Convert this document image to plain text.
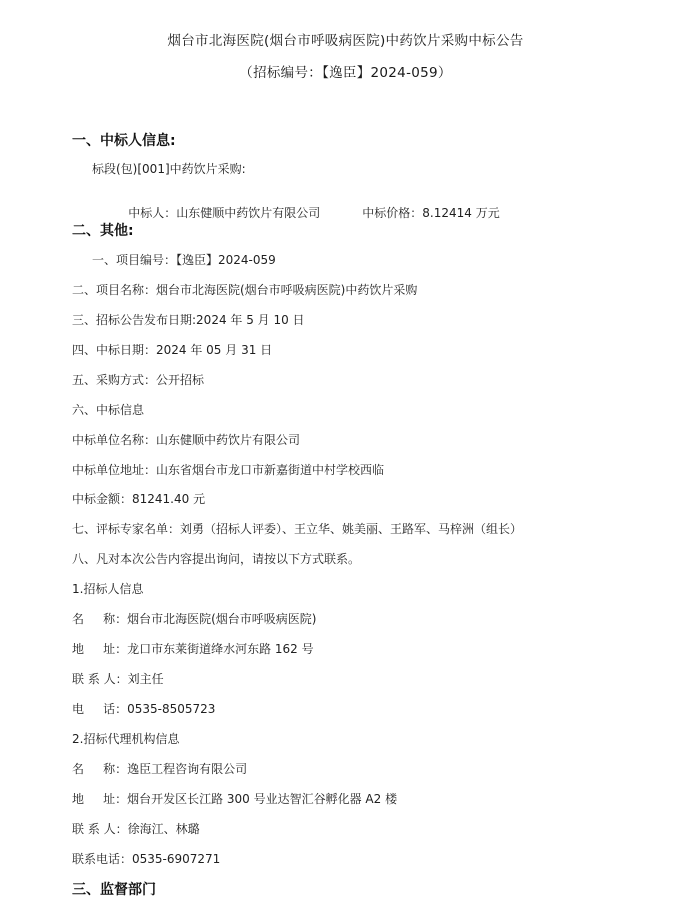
烟台市北海医院(烟台市呼吸病医院)中药饮片采购中标公告
（招标编号：【逸臣】2024-059）
一、中标人信息:
标段(包)[001]中药饮片采购:

中标人：山东健顺中药饮片有限公司	中标价格：8.12414 万元

二、其他:
一、项目编号：【逸臣】2024-059
二、项目名称：烟台市北海医院(烟台市呼吸病医院)中药饮片采购
三、招标公告发布日期:2024 年 5 月 10 日
四、中标日期：2024 年 05 月 31 日
五、采购方式：公开招标
六、中标信息
中标单位名称：山东健顺中药饮片有限公司
中标单位地址：山东省烟台市龙口市新嘉街道中村学校西临
中标金额：81241.40 元
七、评标专家名单：刘勇（招标人评委）、王立华、姚美丽、王路军、马梓洲（组长）
八、凡对本次公告内容提出询问，请按以下方式联系。
1.招标人信息
名     称：烟台市北海医院(烟台市呼吸病医院)
地     址：龙口市东莱街道绛水河东路 162 号
联 系 人：刘主任
电     话：0535-8505723
2.招标代理机构信息
名     称：逸臣工程咨询有限公司
地     址：烟台开发区长江路 300 号业达智汇谷孵化器 A2 楼
联 系 人：徐海江、林璐
联系电话：0535-6907271
三、监督部门
